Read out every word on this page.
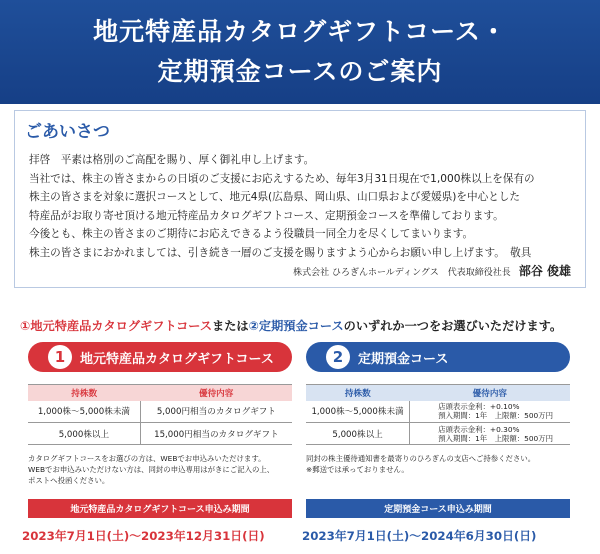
地元特産品カタログギフトコース・
定期預金コースのご案内
ごあいさつ
拝啓　平素は格別のご高配を賜り、厚く御礼申し上げます。
当社では、株主の皆さまからの日頃のご支援にお応えするため、毎年3月31日現在で1,000株以上を保有の
株主の皆さまを対象に選択コースとして、地元4県(広島県、岡山県、山口県および愛媛県)を中心とした
特産品がお取り寄せ頂ける地元特産品カタログギフトコース、定期預金コースを準備しております。
今後とも、株主の皆さまのご期待にお応えできるよう役職員一同全力を尽くしてまいります。
株主の皆さまにおかれましては、引き続き一層のご支援を賜りますよう心からお願い申し上げます。　敬具
株式会社 ひろぎんホールディングス　代表取締役社長 部谷 俊雄
①地元特産品カタログギフトコースまたは②定期預金コースのいずれか一つをお選びいただけます。
1	地元特産品カタログギフトコース
持株数	優待内容
1,000株～5,000株未満	5,000円相当のカタログギフト
5,000株以上	15,000円相当のカタログギフト
カタログギフトコースをお選びの方は、WEBでお申込みいただけます。
WEBでお申込みいただけない方は、同封の申込専用はがきにご記入の上、
ポストへ投函ください。
2	定期預金コース
持株数	優待内容
1,000株～5,000株未満	店頭表示金利：+0.10%
預入期間：1年　上限額：500万円

5,000株以上	店頭表示金利：+0.30%
預入期間：1年　上限額：500万円
同封の株主優待通知書を最寄りのひろぎんの支店へご持参ください。
※郵送では承っておりません。
地元特産品カタログギフトコース申込み期間	定期預金コース申込み期間
2023年7月1日(土)～2023年12月31日(日)	2023年7月1日(土)～2024年6月30日(日)
